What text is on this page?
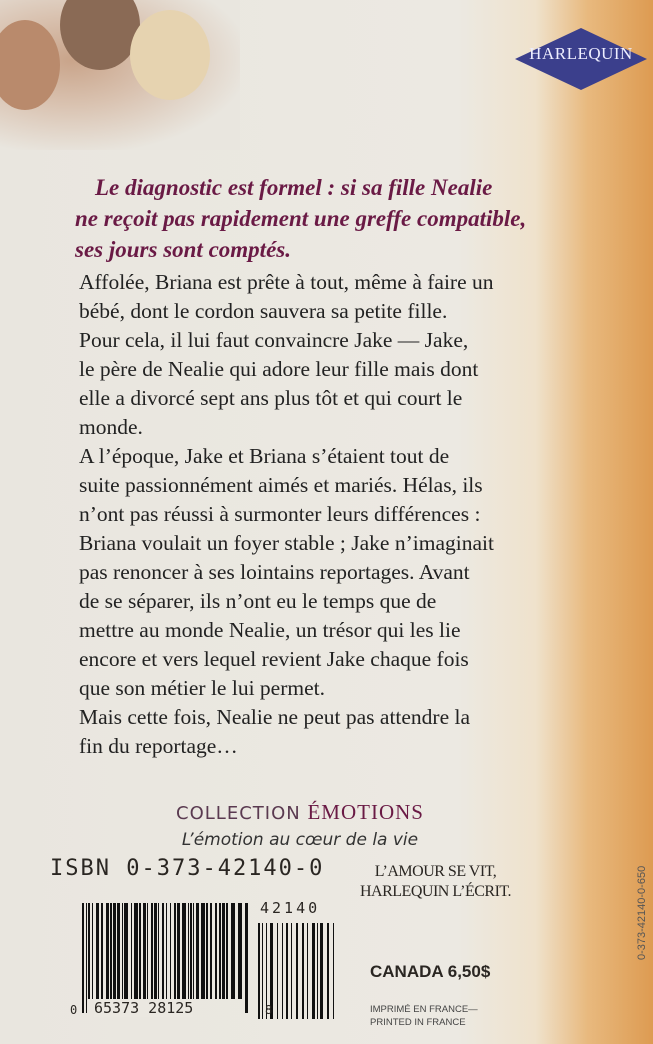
HARLEQUIN
Le diagnostic est formel : si sa fille Nealie
ne reçoit pas rapidement une greffe compatible,
ses jours sont comptés.
Affolée, Briana est prête à tout, même à faire un
bébé, dont le cordon sauvera sa petite fille.
Pour cela, il lui faut convaincre Jake — Jake,
le père de Nealie qui adore leur fille mais dont
elle a divorcé sept ans plus tôt et qui court le
monde.
A l’époque, Jake et Briana s’étaient tout de
suite passionnément aimés et mariés. Hélas, ils
n’ont pas réussi à surmonter leurs différences :
Briana voulait un foyer stable ; Jake n’imaginait
pas renoncer à ses lointains reportages. Avant
de se séparer, ils n’ont eu le temps que de
mettre au monde Nealie, un trésor qui les lie
encore et vers lequel revient Jake chaque fois
que son métier le lui permet.
Mais cette fois, Nealie ne peut pas attendre la
fin du reportage…
COLLECTION ÉMOTIONS
L’émotion au cœur de la vie
ISBN 0-373-42140-0	L’AMOUR SE VIT,
HARLEQUIN L’ÉCRIT.
42140
0 65373 28125	8
CANADA 6,50$
IMPRIMÉ EN FRANCE—
PRINTED IN FRANCE
0-373-42140-0-650
